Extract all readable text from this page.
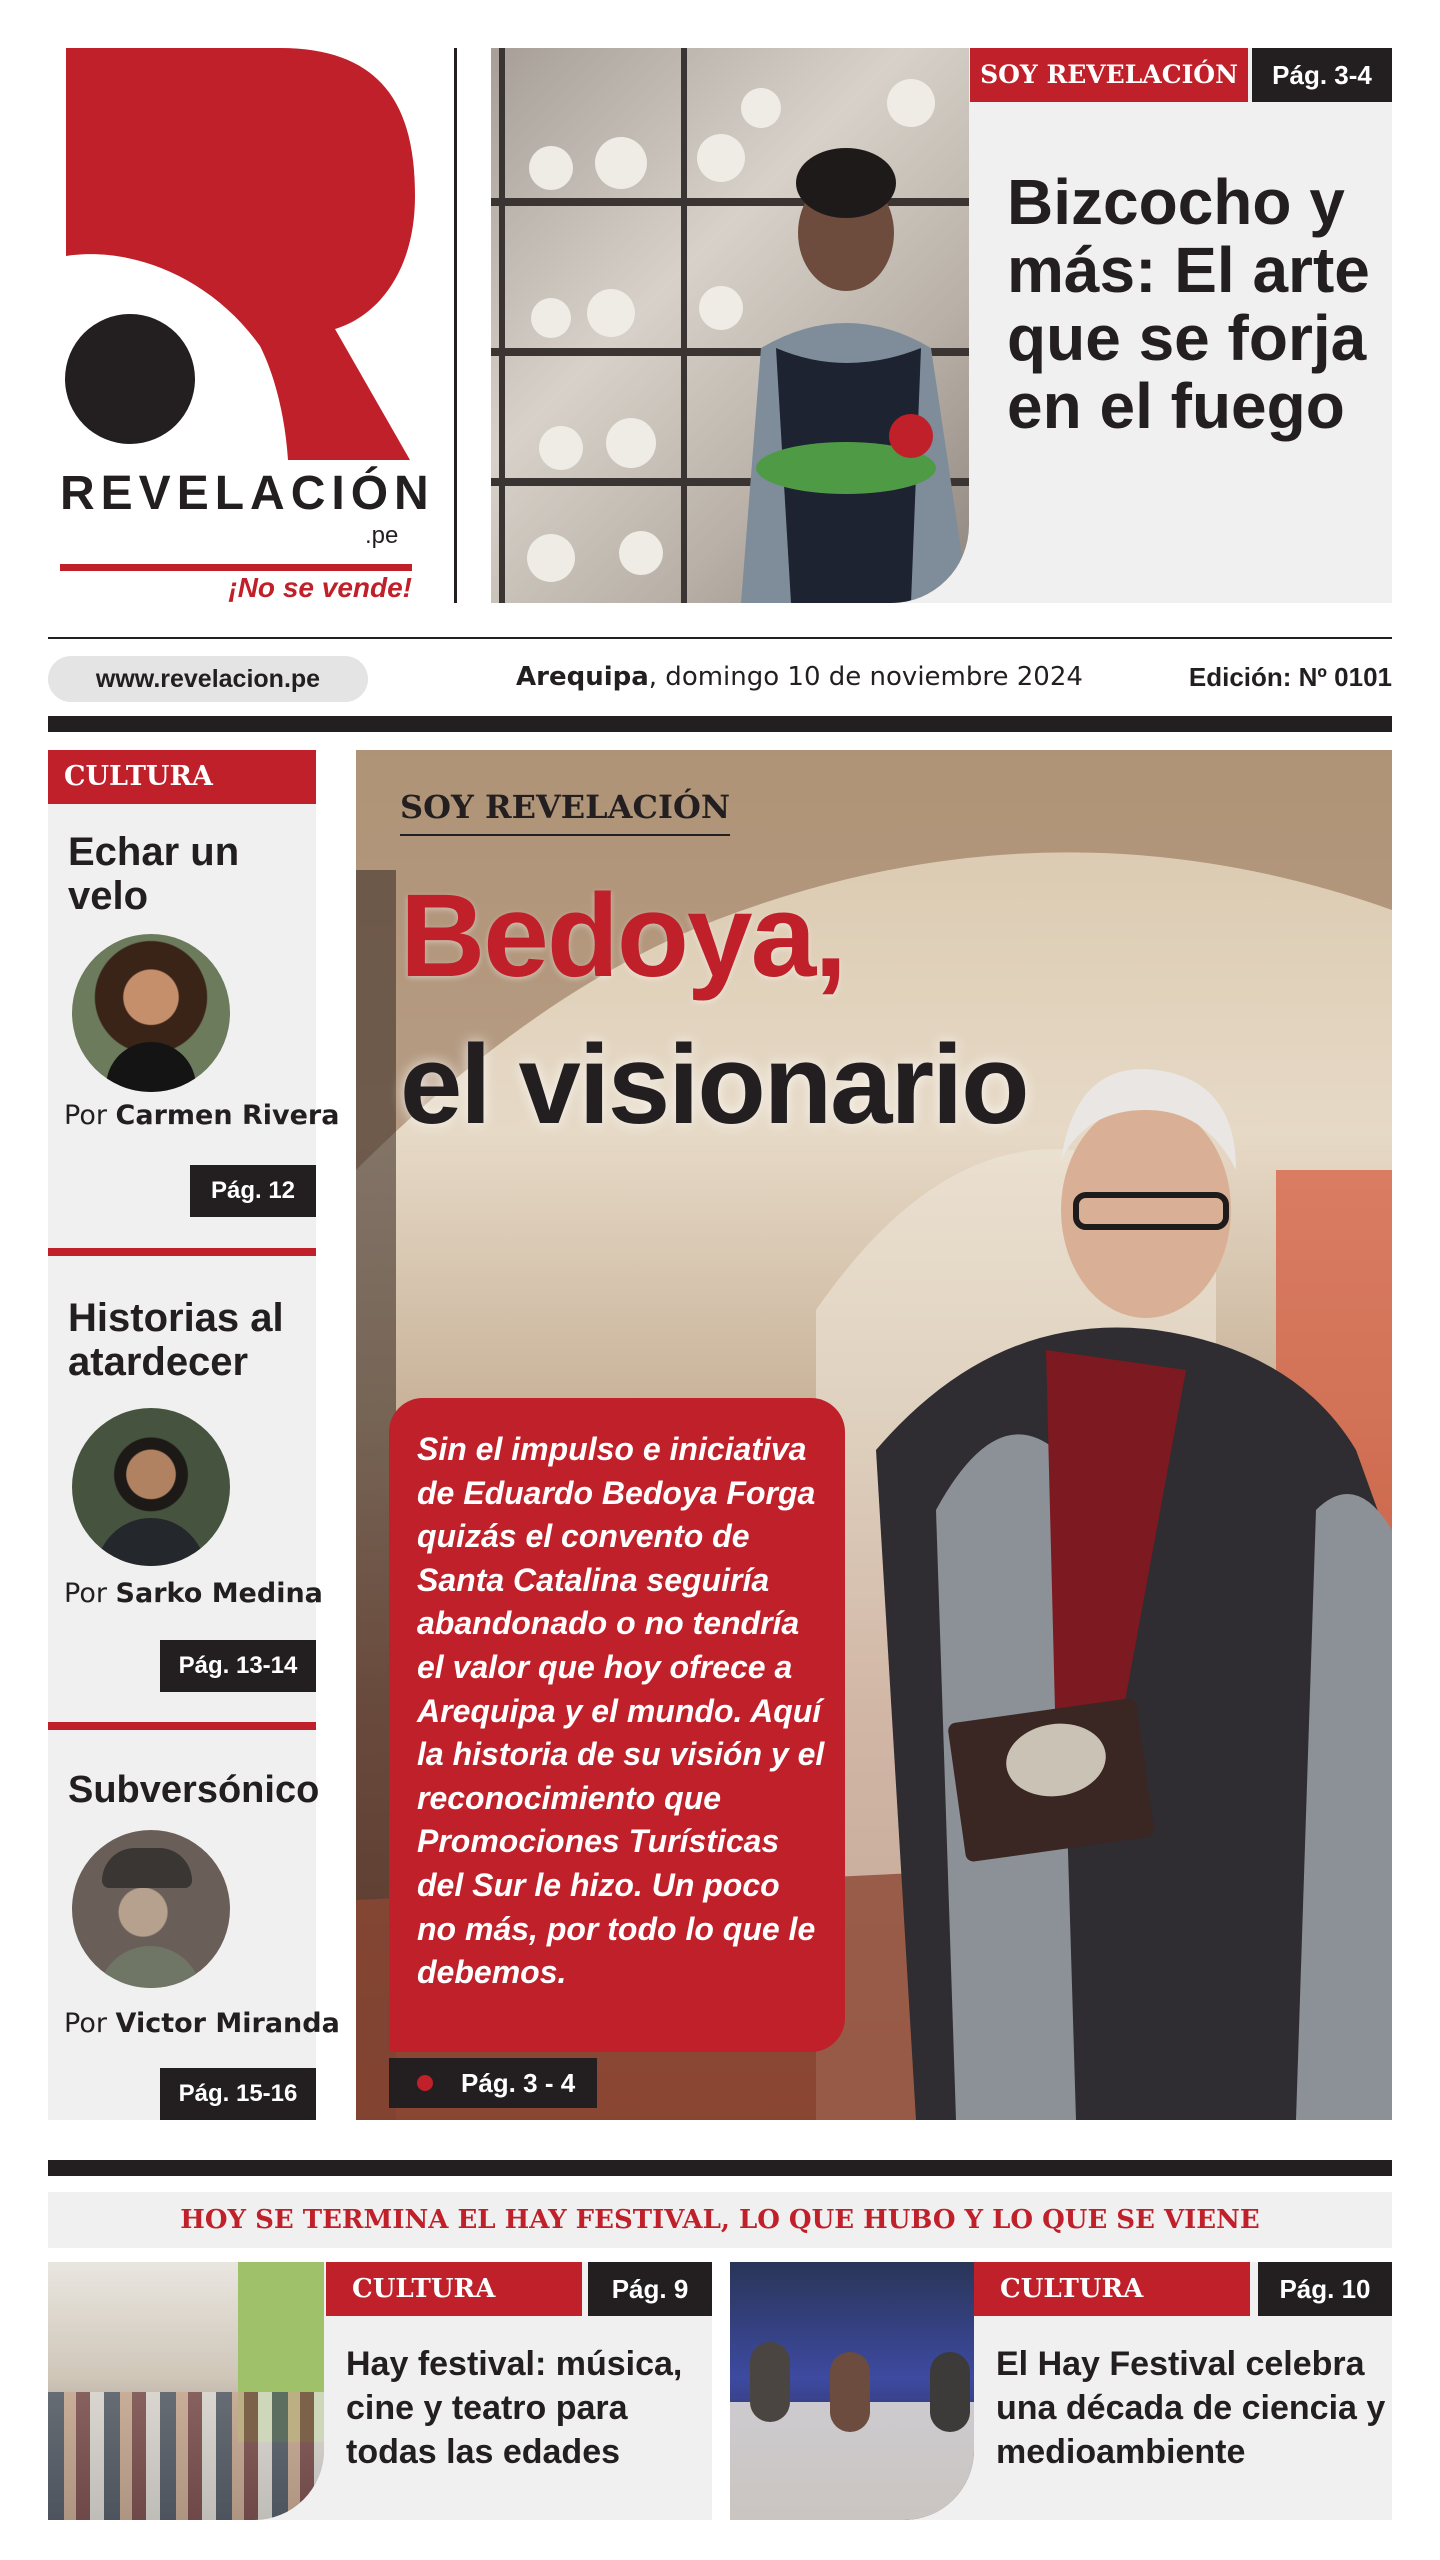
REVELACIÓN
.pe
¡No se vende!
SOY REVELACIÓN	Pág. 3-4
Bizcocho y más: El arte que se forja en el fuego
www.revelacion.pe	Arequipa, domingo 10 de noviembre 2024	Edición: Nº 0101
CULTURA
Echar un velo
Por Carmen Rivera
Pág. 12
Historias al atardecer
Por Sarko Medina
Pág. 13-14
Subversónico
Por Victor Miranda
Pág. 15-16
SOY REVELACIÓN
Bedoya,
el visionario
Sin el impulso e iniciativa de Eduardo Bedoya Forga quizás el convento de Santa Catalina seguiría abandonado o no tendría el valor que hoy ofrece a Arequipa y el mundo. Aquí la historia de su visión y el reconocimiento que Promociones Turísticas del Sur le hizo. Un poco no más, por todo lo que le debemos.
Pág. 3 - 4
HOY SE TERMINA EL HAY FESTIVAL, LO QUE HUBO Y LO QUE SE VIENE
CULTURA	Pág. 9
Hay festival: música, cine y teatro para todas las edades
CULTURA	Pág. 10
El Hay Festival celebra una década de ciencia y medioambiente
